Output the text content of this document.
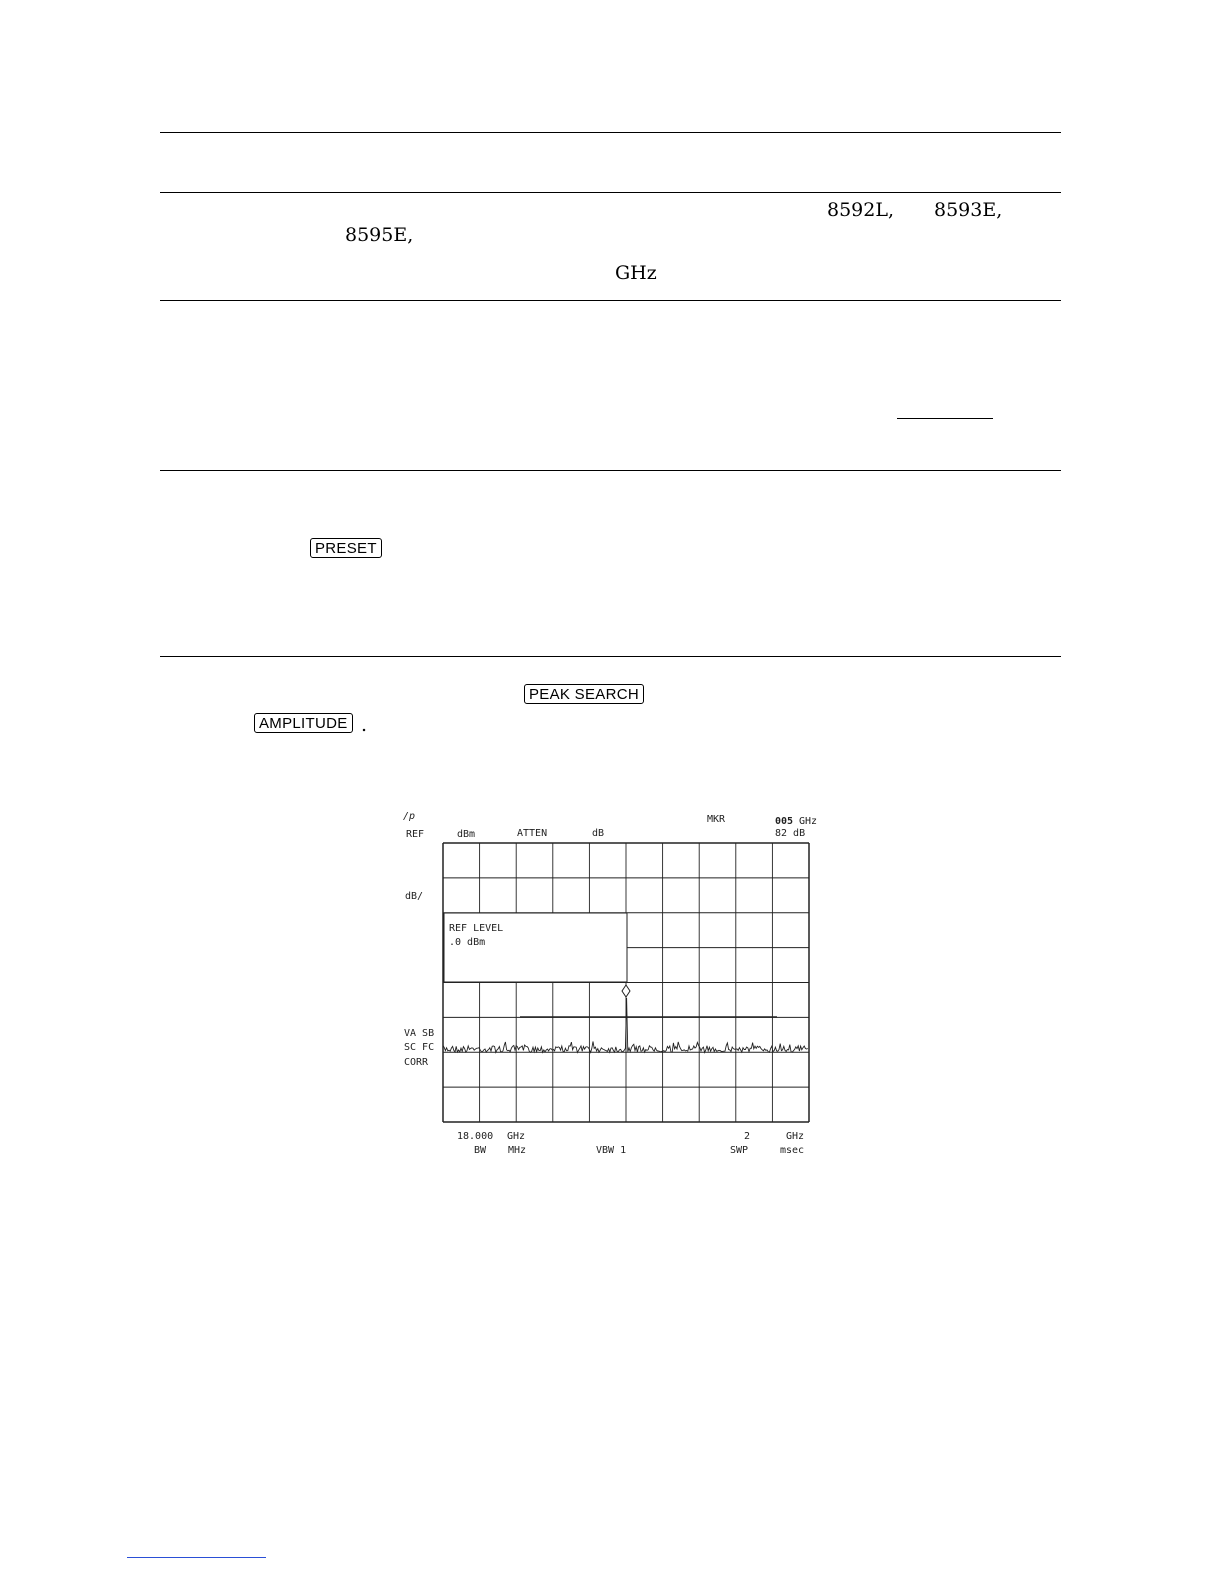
8592L, 8593E,
8595E,
GHz
PRESET
PEAK SEARCH
AMPLITUDE .
/p
REF	dBm	ATTEN	dB
MKR	005 GHz
82 dB
dB/
REF LEVEL
.0 dBm
VA SB
SC FC
CORR
18.000 GHz
BW MHz	VBW 1
2	GHz
SWP	msec
